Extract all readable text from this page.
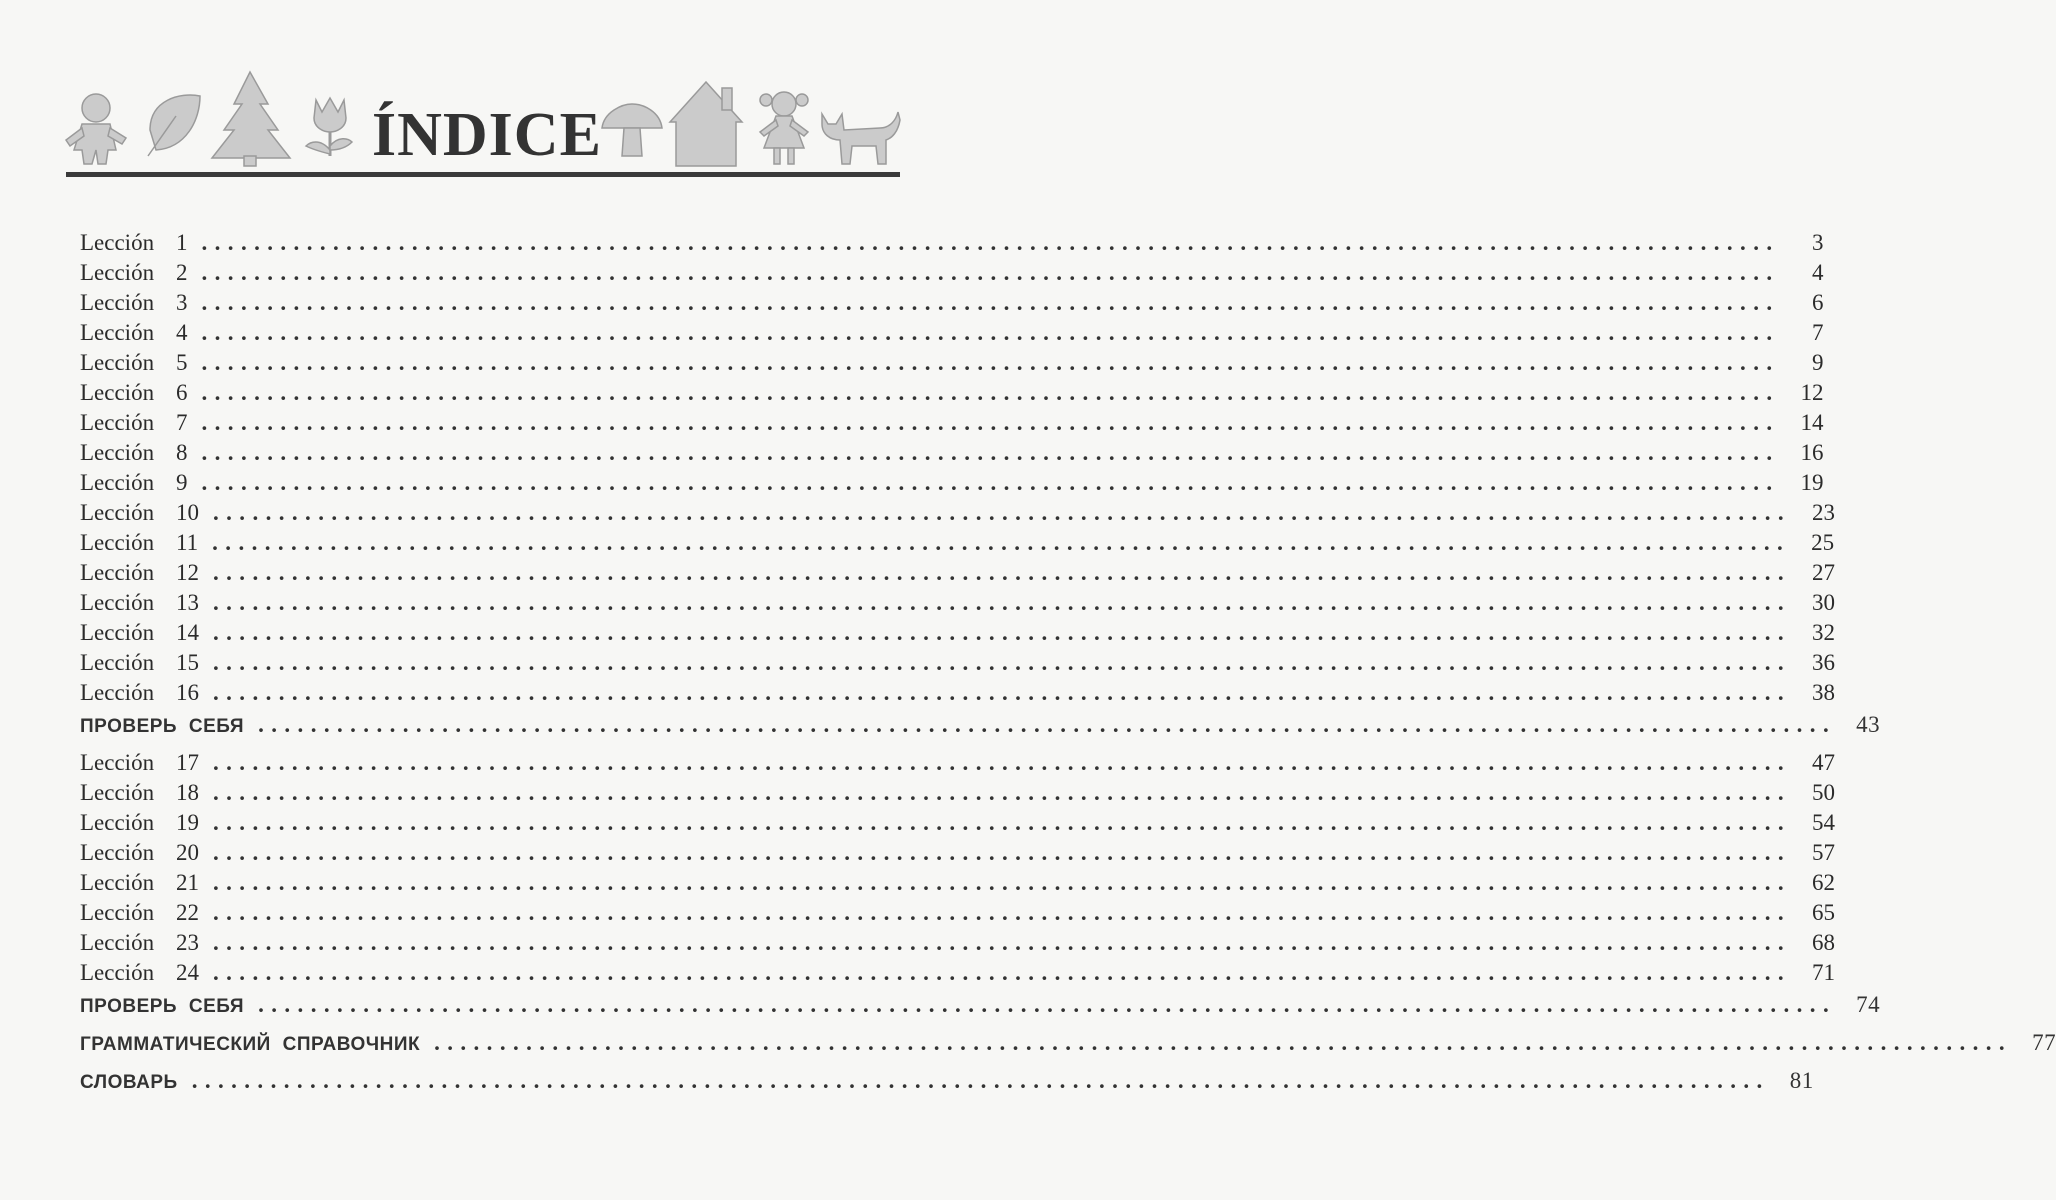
ÍNDICE
Lección 1 ........................................................................................................................	3
Lección 2 ........................................................................................................................	4
Lección 3 ........................................................................................................................	6
Lección 4 ........................................................................................................................	7
Lección 5 ........................................................................................................................	9
Lección 6 ........................................................................................................................ 12
Lección 7 ........................................................................................................................ 14
Lección 8 ........................................................................................................................ 16
Lección 9 ........................................................................................................................ 19
Lección 10 ........................................................................................................................ 23
Lección 11 ........................................................................................................................ 25
Lección 12 ........................................................................................................................ 27
Lección 13 ........................................................................................................................ 30
Lección 14 ........................................................................................................................ 32
Lección 15 ........................................................................................................................ 36
Lección 16 ........................................................................................................................ 38
ПРОВЕРЬ СЕБЯ ........................................................................................................................ 43
Lección 17 ........................................................................................................................ 47
Lección 18 ........................................................................................................................ 50
Lección 19 ........................................................................................................................ 54
Lección 20 ........................................................................................................................ 57
Lección 21 ........................................................................................................................ 62
Lección 22 ........................................................................................................................ 65
Lección 23 ........................................................................................................................ 68
Lección 24 ........................................................................................................................ 71
ПРОВЕРЬ СЕБЯ ........................................................................................................................ 74
ГРАММАТИЧЕСКИЙ СПРАВОЧНИК ........................................................................................................................ 77
СЛОВАРЬ ........................................................................................................................ 81
